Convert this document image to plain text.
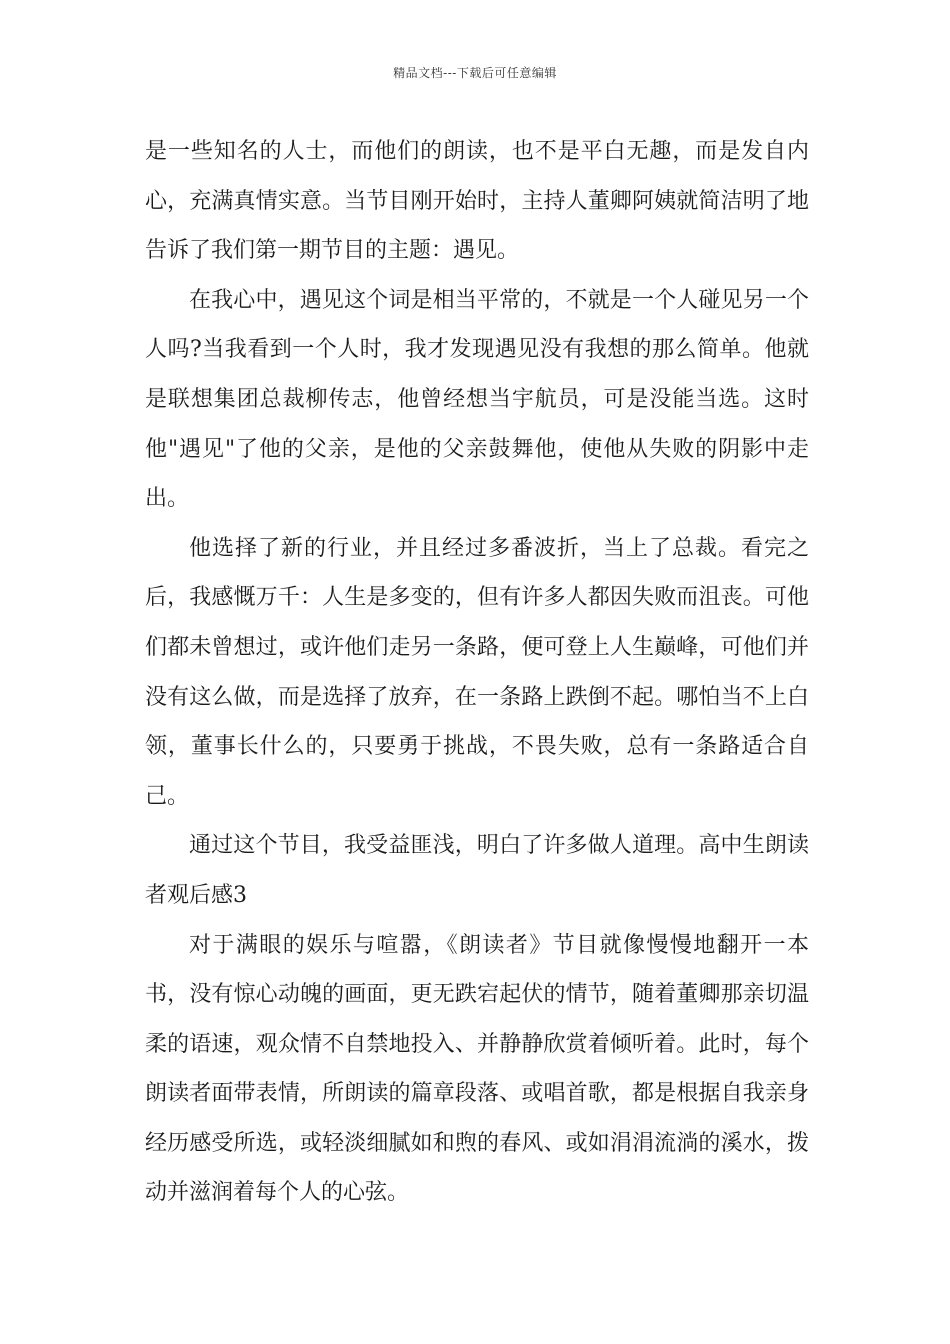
精品文档---下载后可任意编辑

是一些知名的人士，而他们的朗读，也不是平白无趣，而是发自内心，充满真情实意。当节目刚开始时，主持人董卿阿姨就简洁明了地告诉了我们第一期节目的主题：遇见。

在我心中，遇见这个词是相当平常的，不就是一个人碰见另一个人吗?当我看到一个人时，我才发现遇见没有我想的那么简单。他就是联想集团总裁柳传志，他曾经想当宇航员，可是没能当选。这时他"遇见"了他的父亲，是他的父亲鼓舞他，使他从失败的阴影中走出。

他选择了新的行业，并且经过多番波折，当上了总裁。看完之后，我感慨万千：人生是多变的，但有许多人都因失败而沮丧。可他们都未曾想过，或许他们走另一条路，便可登上人生巅峰，可他们并没有这么做，而是选择了放弃，在一条路上跌倒不起。哪怕当不上白领，董事长什么的，只要勇于挑战，不畏失败，总有一条路适合自己。

通过这个节目，我受益匪浅，明白了许多做人道理。高中生朗读者观后感3

对于满眼的娱乐与喧嚣，《朗读者》节目就像慢慢地翻开一本书，没有惊心动魄的画面，更无跌宕起伏的情节，随着董卿那亲切温柔的语速，观众情不自禁地投入、并静静欣赏着倾听着。此时，每个朗读者面带表情，所朗读的篇章段落、或唱首歌，都是根据自我亲身经历感受所选，或轻淡细腻如和煦的春风、或如涓涓流淌的溪水，拨动并滋润着每个人的心弦。
